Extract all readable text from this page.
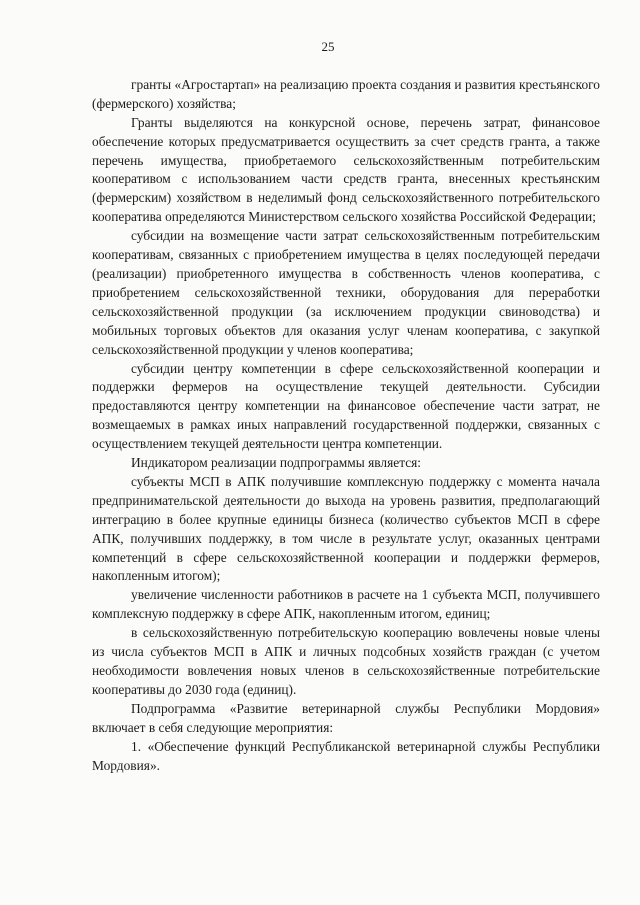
25

гранты «Агростартап» на реализацию проекта создания и развития крестьянского (фермерского) хозяйства;

Гранты выделяются на конкурсной основе, перечень затрат, финансовое обеспечение которых предусматривается осуществить за счет средств гранта, а также перечень имущества, приобретаемого сельскохозяйственным потребительским кооперативом с использованием части средств гранта, внесенных крестьянским (фермерским) хозяйством в неделимый фонд сельскохозяйственного потребительского кооператива определяются Министерством сельского хозяйства Российской Федерации;

субсидии на возмещение части затрат сельскохозяйственным потребительским кооперативам, связанных с приобретением имущества в целях последующей передачи (реализации) приобретенного имущества в собственность членов кооператива, с приобретением сельскохозяйственной техники, оборудования для переработки сельскохозяйственной продукции (за исключением продукции свиноводства) и мобильных торговых объектов для оказания услуг членам кооператива, с закупкой сельскохозяйственной продукции у членов кооператива;

субсидии центру компетенции в сфере сельскохозяйственной кооперации и поддержки фермеров на осуществление текущей деятельности. Субсидии предоставляются центру компетенции на финансовое обеспечение части затрат, не возмещаемых в рамках иных направлений государственной поддержки, связанных с осуществлением текущей деятельности центра компетенции.

Индикатором реализации подпрограммы является:

субъекты МСП в АПК получившие комплексную поддержку с момента начала предпринимательской деятельности до выхода на уровень развития, предполагающий интеграцию в более крупные единицы бизнеса (количество субъектов МСП в сфере АПК, получивших поддержку, в том числе в результате услуг, оказанных центрами компетенций в сфере сельскохозяйственной кооперации и поддержки фермеров, накопленным итогом);

увеличение численности работников в расчете на 1 субъекта МСП, получившего комплексную поддержку в сфере АПК, накопленным итогом, единиц;

в сельскохозяйственную потребительскую кооперацию вовлечены новые члены из числа субъектов МСП в АПК и личных подсобных хозяйств граждан (с учетом необходимости вовлечения новых членов в сельскохозяйственные потребительские кооперативы до 2030 года (единиц).

Подпрограмма «Развитие ветеринарной службы Республики Мордовия» включает в себя следующие мероприятия:

1. «Обеспечение функций Республиканской ветеринарной службы Республики Мордовия».
